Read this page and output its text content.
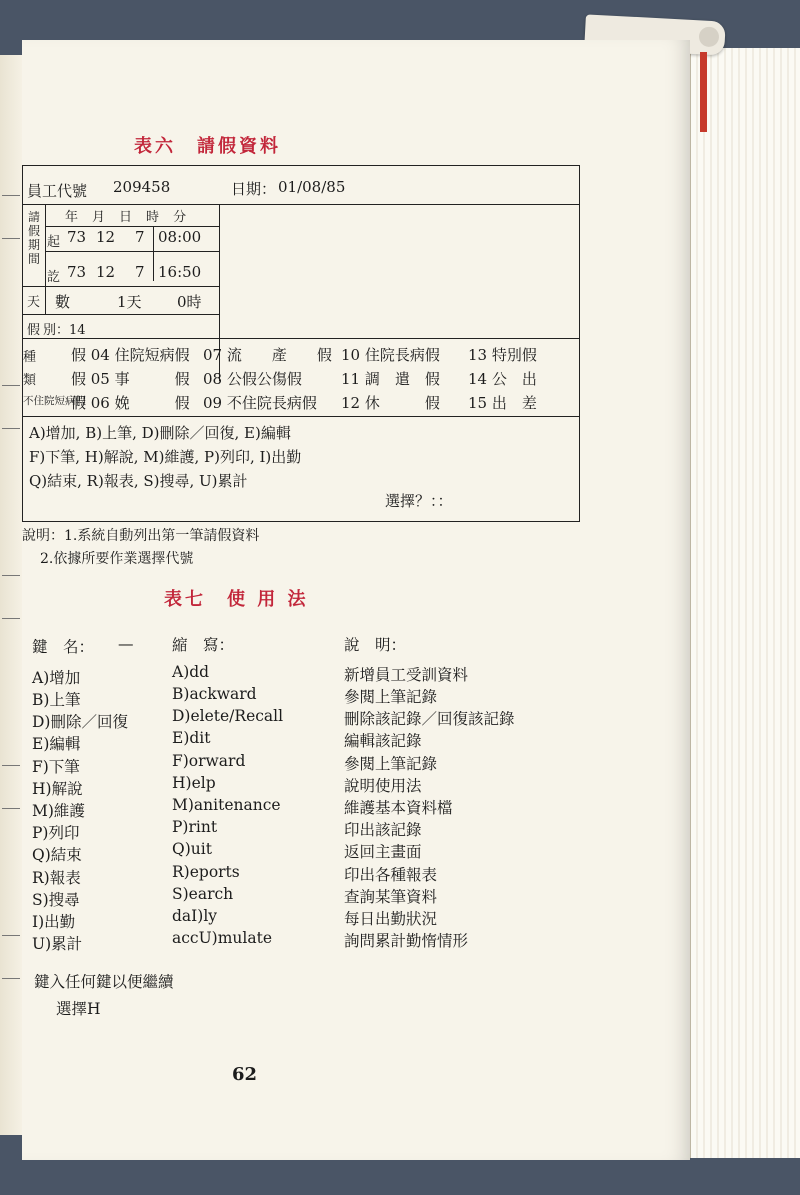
表六　請假資料
員工代號 209458	日期： 01/08/85
請假期間
年月日時分
起 73 12 7 08:00
訖 73 12 7 16:50
天 數	1天 0時
假 別：14
種
類
不住院短病假
假 04 住院短病假 07 流　　產　　假 10 住院長病假 13 特別假
假 05 事　　　假 08 公假公傷假	11 調　遣　假 14 公　出
假 06 娩　　　假 09 不住院長病假 12 休　　　假 15 出　差
A)增加, B)上筆, D)刪除／回復, E)編輯
F)下筆, H)解說, M)維護, P)列印, I)出勤
Q)結束, R)報表, S)搜尋, U)累計
選擇？：：
說明：1.系統自動列出第一筆請假資料
2.依據所要作業選擇代號
表七　使 用 法
鍵　名： — 縮　寫：	說　明：
A)增加	A)dd	新增員工受訓資料
B)上筆	B)ackward	參閱上筆記錄
D)刪除／回復	D)elete/Recall	刪除該記錄／回復該記錄
E)編輯	E)dit	編輯該記錄
F)下筆	F)orward	參閱上筆記錄
H)解說	H)elp	說明使用法
M)維護	M)anitenance	維護基本資料檔
P)列印	P)rint	印出該記錄
Q)結束	Q)uit	返回主畫面
R)報表	R)eports	印出各種報表
S)搜尋	S)earch	查詢某筆資料
I)出勤	daI)ly	每日出勤狀況
U)累計	accU)mulate	詢問累計勤惰情形
鍵入任何鍵以便繼續
選擇H
62
